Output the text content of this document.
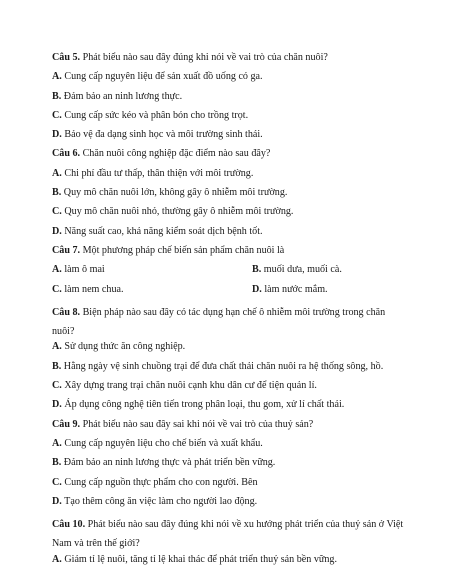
Câu 5. Phát biểu nào sau đây đúng khi nói về vai trò của chăn nuôi?
A. Cung cấp nguyên liệu để sản xuất đồ uống có ga.
B. Đảm bảo an ninh lương thực.
C. Cung cấp sức kéo và phân bón cho trồng trọt.
D. Bảo vệ đa dạng sinh học và môi trường sinh thái.
Câu 6. Chăn nuôi công nghiệp đặc điểm nào sau đây?
A. Chi phí đầu tư thấp, thân thiện với môi trường.
B. Quy mô chăn nuôi lớn, không gây ô nhiễm môi trường.
C. Quy mô chăn nuôi nhỏ, thường gây ô nhiễm môi trường.
D. Năng suất cao, khả năng kiểm soát dịch bệnh tốt.
Câu 7. Một phương pháp chế biến sản phẩm chăn nuôi là
A. làm ô mai	B. muối dưa, muối cà.
C. làm nem chua.	D. làm nước mắm.
Câu 8. Biện pháp nào sau đây có tác dụng hạn chế ô nhiễm môi trường trong chăn nuôi?
A. Sử dụng thức ăn công nghiệp.
B. Hằng ngày vệ sinh chuồng trại để đưa chất thải chăn nuôi ra hệ thống sông, hồ.
C. Xây dựng trang trại chăn nuôi cạnh khu dân cư để tiện quản lí.
D. Áp dụng công nghệ tiên tiến trong phân loại, thu gom, xử lí chất thải.
Câu 9. Phát biểu nào sau đây sai khi nói về vai trò của thuỷ sản?
A. Cung cấp nguyên liệu cho chế biến và xuất khẩu.
B. Đảm bảo an ninh lương thực và phát triển bền vững.
C. Cung cấp nguồn thực phẩm cho con người. Bên
D. Tạo thêm công ăn việc làm cho người lao động.
Câu 10. Phát biểu nào sau đây đúng khi nói về xu hướng phát triển của thuỷ sản ở Việt Nam và trên thế giới?
A. Giảm tỉ lệ nuôi, tăng tỉ lệ khai thác để phát triển thuỷ sản bền vững.
